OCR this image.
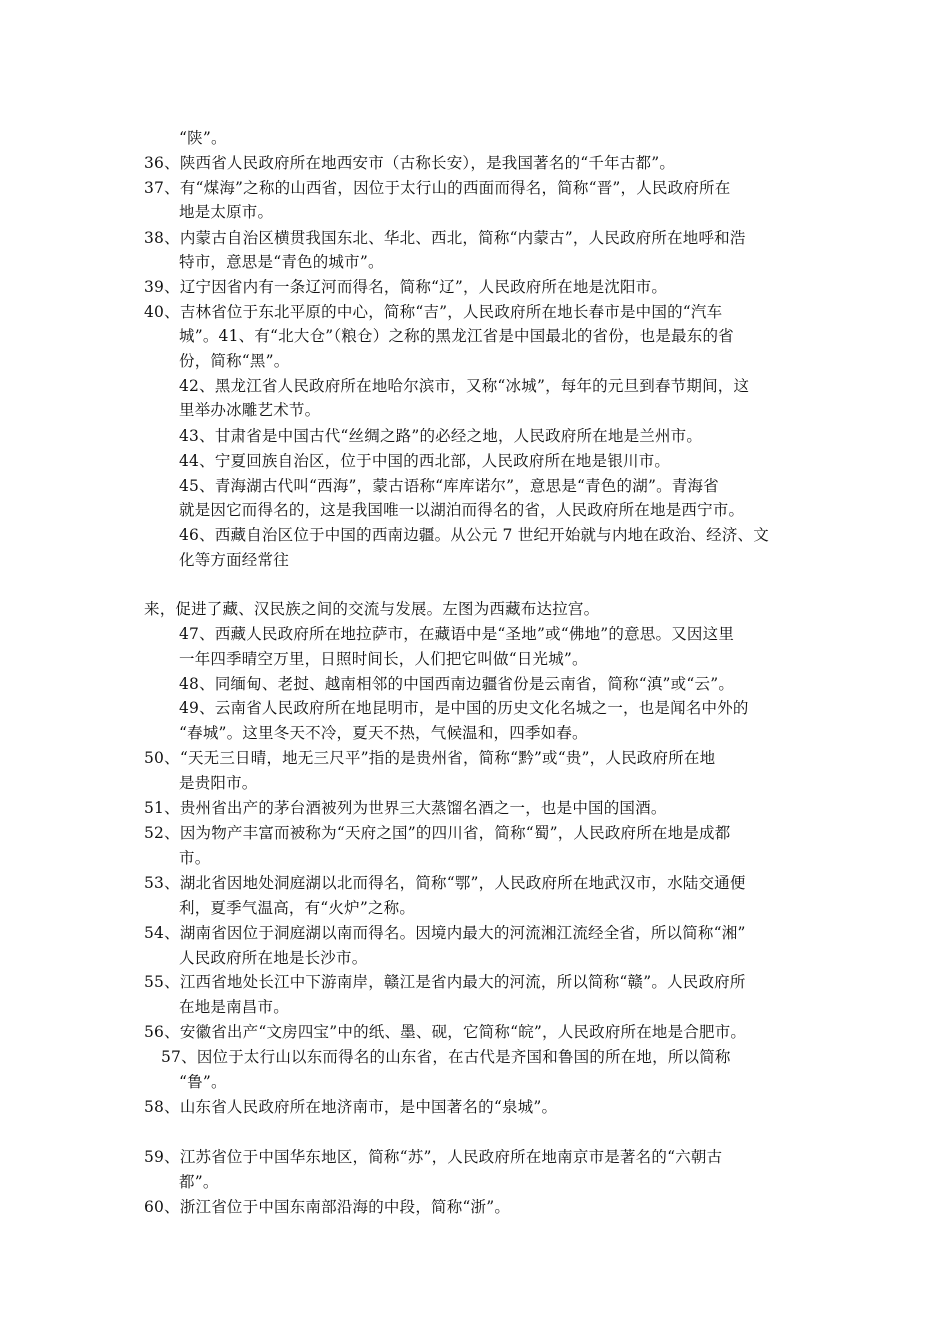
“陕”。
36、陕西省人民政府所在地西安市（古称长安），是我国著名的“千年古都”。
37、有“煤海”之称的山西省，因位于太行山的西面而得名，简称“晋”，人民政府所在
地是太原市。
38、内蒙古自治区横贯我国东北、华北、西北，简称“内蒙古”，人民政府所在地呼和浩
特市，意思是“青色的城市”。
39、辽宁因省内有一条辽河而得名，简称“辽”，人民政府所在地是沈阳市。
40、吉林省位于东北平原的中心，简称“吉”，人民政府所在地长春市是中国的“汽车
城”。41、有“北大仓”（粮仓）之称的黑龙江省是中国最北的省份，也是最东的省
份，简称“黑”。
42、黑龙江省人民政府所在地哈尔滨市，又称“冰城”，每年的元旦到春节期间，这
里举办冰雕艺术节。
43、甘肃省是中国古代“丝绸之路”的必经之地，人民政府所在地是兰州市。
44、宁夏回族自治区，位于中国的西北部，人民政府所在地是银川市。
45、青海湖古代叫“西海”，蒙古语称“库库诺尔”，意思是“青色的湖”。青海省
就是因它而得名的，这是我国唯一以湖泊而得名的省，人民政府所在地是西宁市。
46、西藏自治区位于中国的西南边疆。从公元 7 世纪开始就与内地在政治、经济、文
化等方面经常往
来，促进了藏、汉民族之间的交流与发展。左图为西藏布达拉宫。
47、西藏人民政府所在地拉萨市，在藏语中是“圣地”或“佛地”的意思。又因这里
一年四季晴空万里，日照时间长，人们把它叫做“日光城”。
48、同缅甸、老挝、越南相邻的中国西南边疆省份是云南省，简称“滇”或“云”。
49、云南省人民政府所在地昆明市，是中国的历史文化名城之一，也是闻名中外的
“春城”。这里冬天不冷，夏天不热，气候温和，四季如春。
50、“天无三日晴，地无三尺平”指的是贵州省，简称“黔”或“贵”，人民政府所在地
是贵阳市。
51、贵州省出产的茅台酒被列为世界三大蒸馏名酒之一，也是中国的国酒。
52、因为物产丰富而被称为“天府之国”的四川省，简称“蜀”，人民政府所在地是成都
市。
53、湖北省因地处洞庭湖以北而得名，简称“鄂”，人民政府所在地武汉市，水陆交通便
利，夏季气温高，有“火炉”之称。
54、湖南省因位于洞庭湖以南而得名。因境内最大的河流湘江流经全省，所以简称“湘”
人民政府所在地是长沙市。
55、江西省地处长江中下游南岸，赣江是省内最大的河流，所以简称“赣”。人民政府所
在地是南昌市。
56、安徽省出产“文房四宝”中的纸、墨、砚，它简称“皖”，人民政府所在地是合肥市。
57、因位于太行山以东而得名的山东省，在古代是齐国和鲁国的所在地，所以简称
“鲁”。
58、山东省人民政府所在地济南市，是中国著名的“泉城”。
59、江苏省位于中国华东地区，简称“苏”，人民政府所在地南京市是著名的“六朝古
都”。
60、浙江省位于中国东南部沿海的中段，简称“浙”。
